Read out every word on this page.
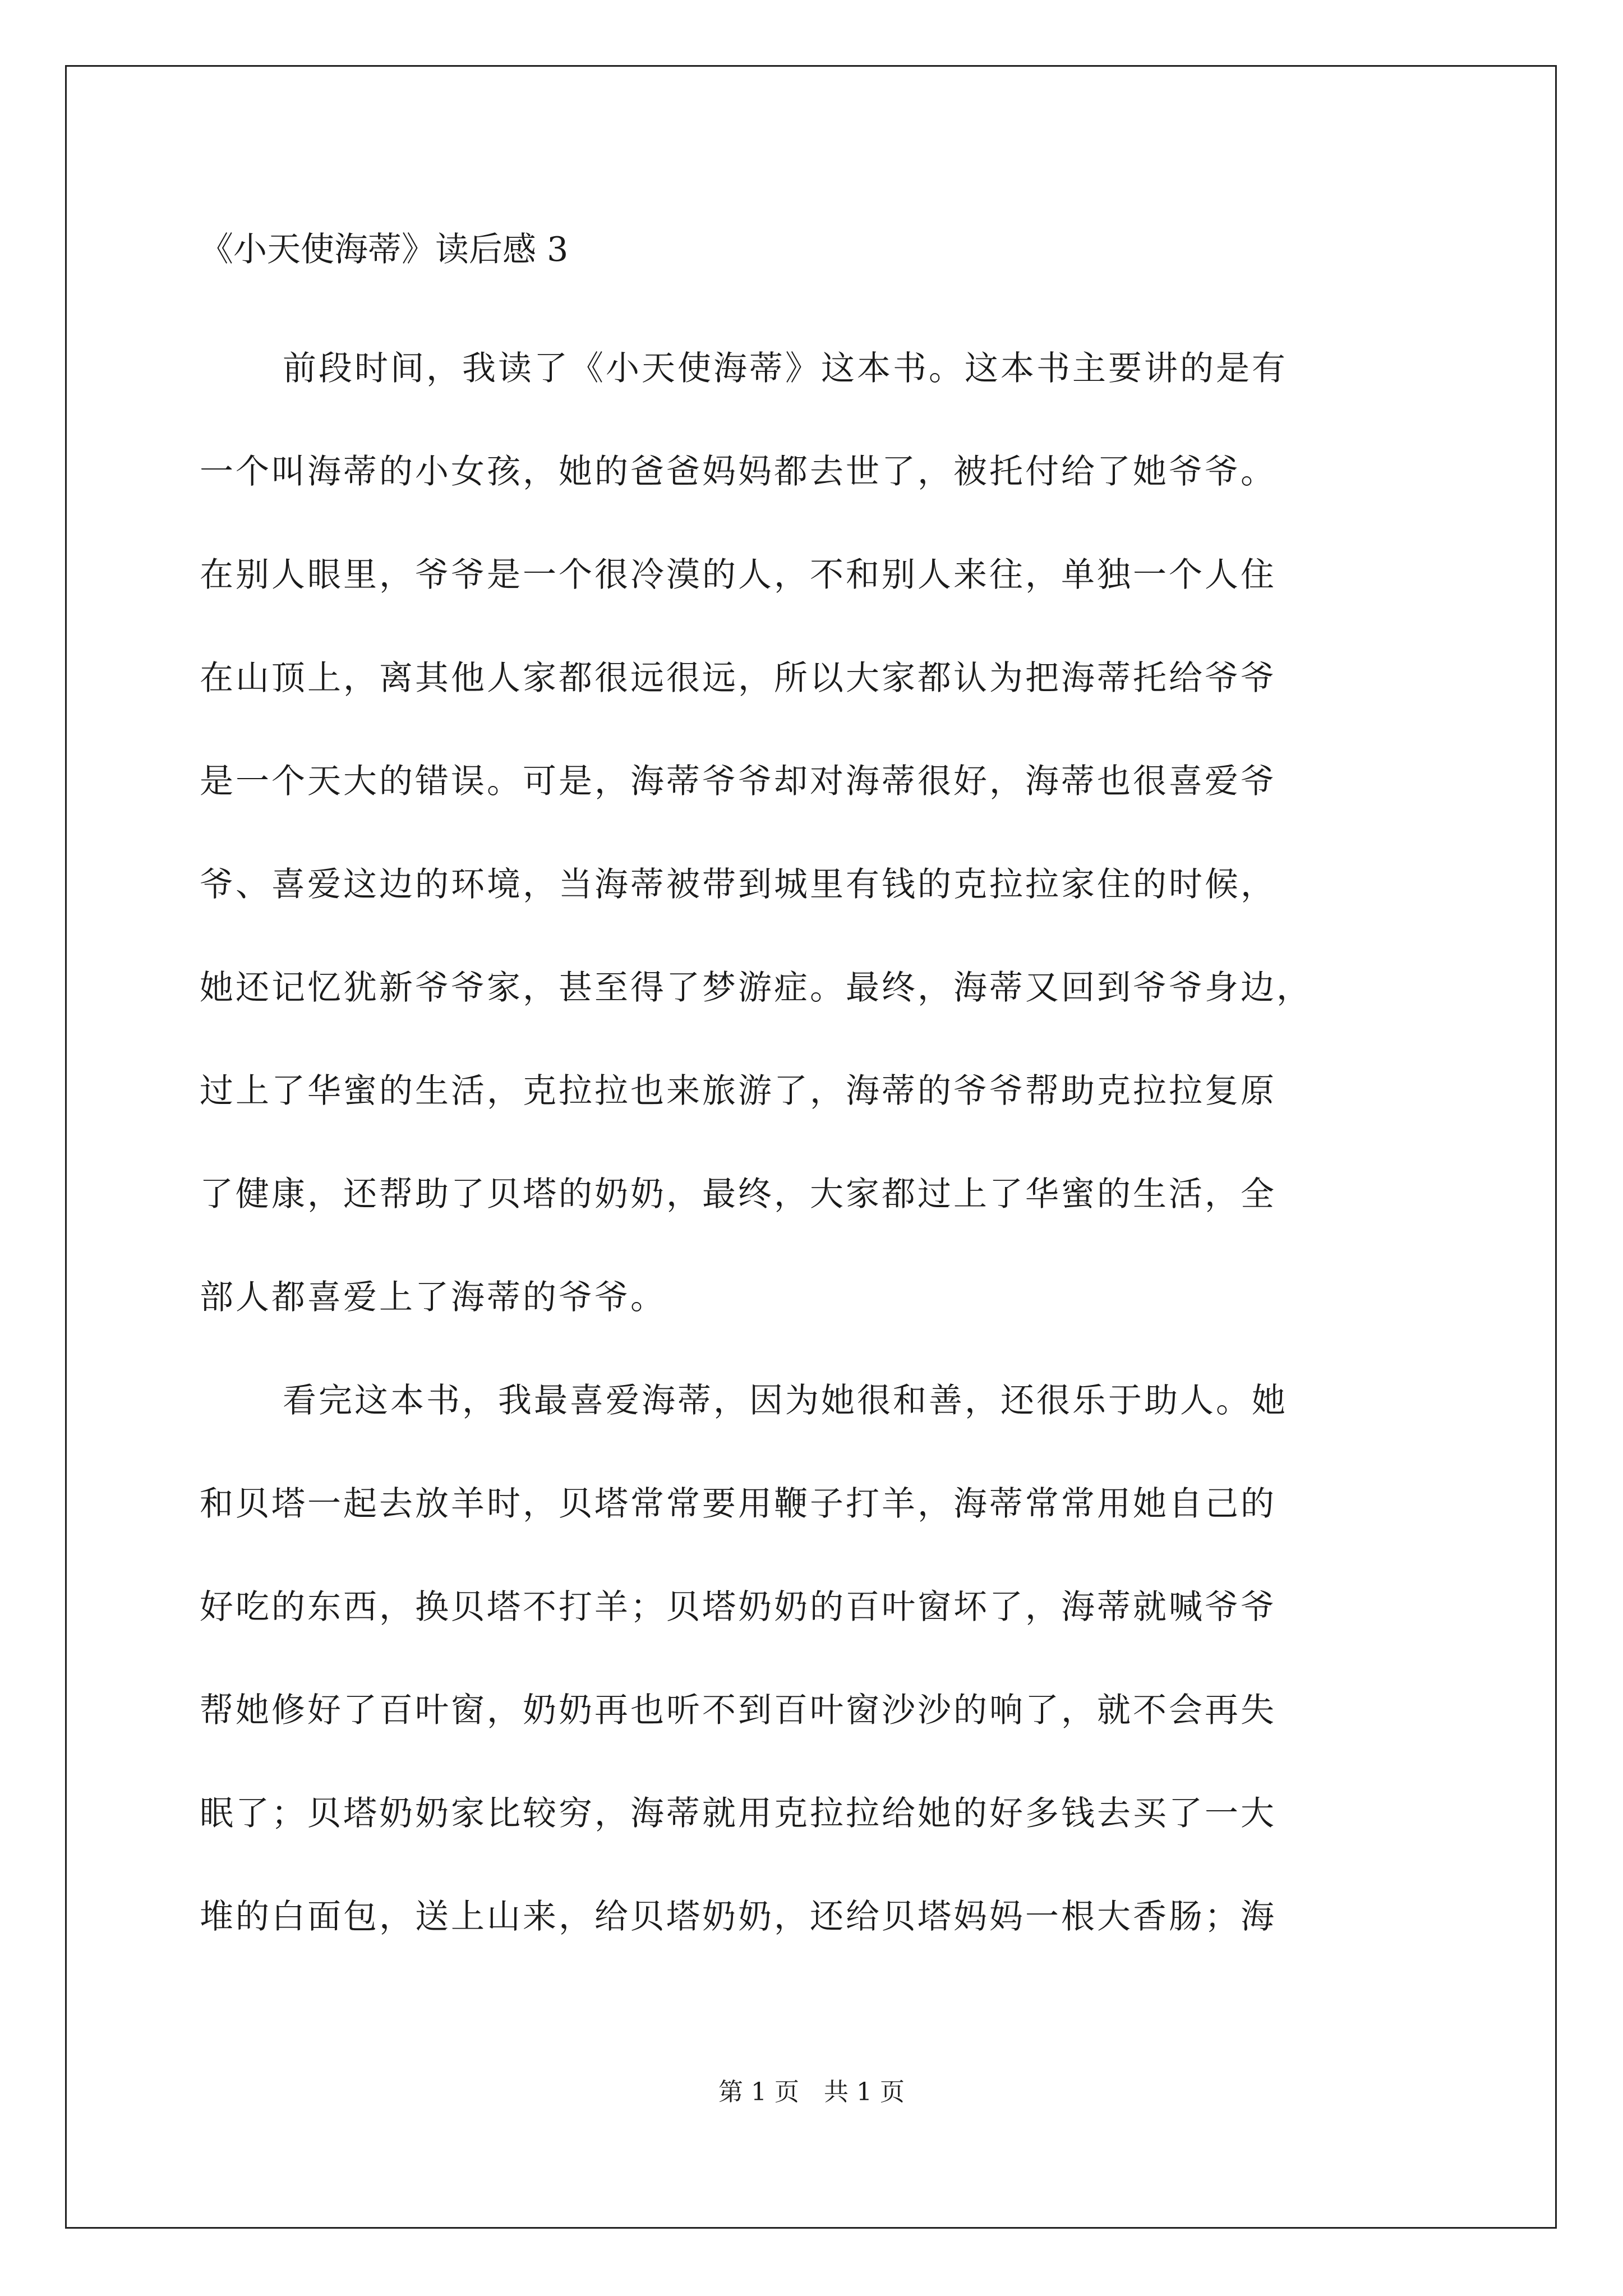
《小天使海蒂》读后感 3
前段时间，我读了《小天使海蒂》这本书。这本书主要讲的是有
一个叫海蒂的小女孩，她的爸爸妈妈都去世了，被托付给了她爷爷。
在别人眼里，爷爷是一个很冷漠的人，不和别人来往，单独一个人住
在山顶上，离其他人家都很远很远，所以大家都认为把海蒂托给爷爷
是一个天大的错误。可是，海蒂爷爷却对海蒂很好，海蒂也很喜爱爷
爷、喜爱这边的环境，当海蒂被带到城里有钱的克拉拉家住的时候，
她还记忆犹新爷爷家，甚至得了梦游症。最终，海蒂又回到爷爷身边，
过上了华蜜的生活，克拉拉也来旅游了，海蒂的爷爷帮助克拉拉复原
了健康，还帮助了贝塔的奶奶，最终，大家都过上了华蜜的生活，全
部人都喜爱上了海蒂的爷爷。
看完这本书，我最喜爱海蒂，因为她很和善，还很乐于助人。她
和贝塔一起去放羊时，贝塔常常要用鞭子打羊，海蒂常常用她自己的
好吃的东西，换贝塔不打羊；贝塔奶奶的百叶窗坏了，海蒂就喊爷爷
帮她修好了百叶窗，奶奶再也听不到百叶窗沙沙的响了，就不会再失
眠了；贝塔奶奶家比较穷，海蒂就用克拉拉给她的好多钱去买了一大
堆的白面包，送上山来，给贝塔奶奶，还给贝塔妈妈一根大香肠；海
第 1 页　共 1 页
